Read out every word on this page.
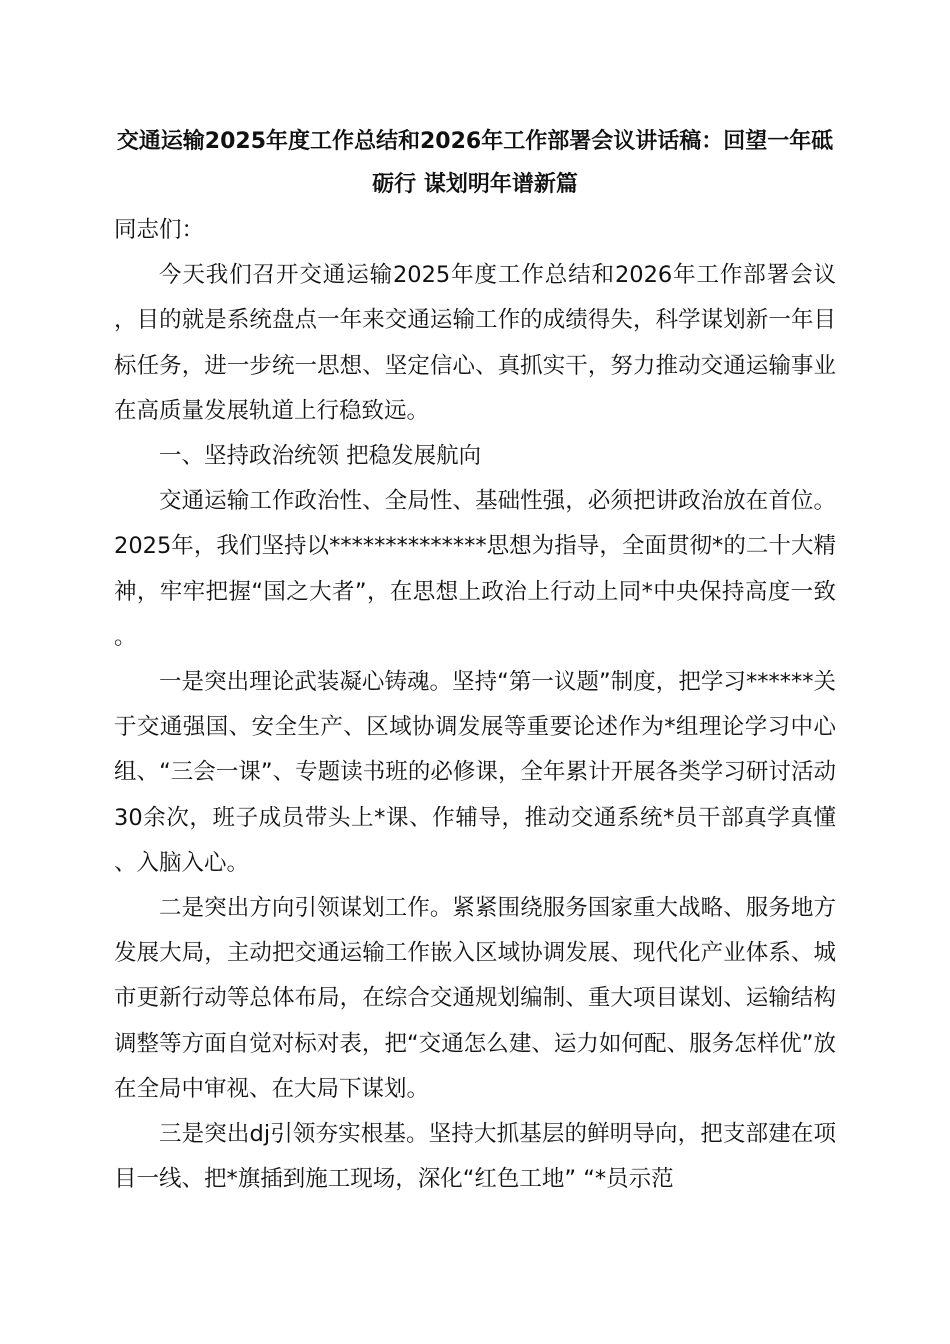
交通运输2025年度工作总结和2026年工作部署会议讲话稿：回望一年砥砺行 谋划明年谱新篇

同志们：

今天我们召开交通运输2025年度工作总结和2026年工作部署会议，目的就是系统盘点一年来交通运输工作的成绩得失，科学谋划新一年目标任务，进一步统一思想、坚定信心、真抓实干，努力推动交通运输事业在高质量发展轨道上行稳致远。

一、坚持政治统领 把稳发展航向

交通运输工作政治性、全局性、基础性强，必须把讲政治放在首位。2025年，我们坚持以**************思想为指导，全面贯彻*的二十大精神，牢牢把握“国之大者”，在思想上政治上行动上同*中央保持高度一致。

一是突出理论武装凝心铸魂。坚持“第一议题”制度，把学习******关于交通强国、安全生产、区域协调发展等重要论述作为*组理论学习中心组、“三会一课”、专题读书班的必修课，全年累计开展各类学习研讨活动30余次，班子成员带头上*课、作辅导，推动交通系统*员干部真学真懂、入脑入心。

二是突出方向引领谋划工作。紧紧围绕服务国家重大战略、服务地方发展大局，主动把交通运输工作嵌入区域协调发展、现代化产业体系、城市更新行动等总体布局，在综合交通规划编制、重大项目谋划、运输结构调整等方面自觉对标对表，把“交通怎么建、运力如何配、服务怎样优”放在全局中审视、在大局下谋划。

三是突出dj引领夯实根基。坚持大抓基层的鲜明导向，把支部建在项目一线、把*旗插到施工现场，深化“红色工地” “*员示范
